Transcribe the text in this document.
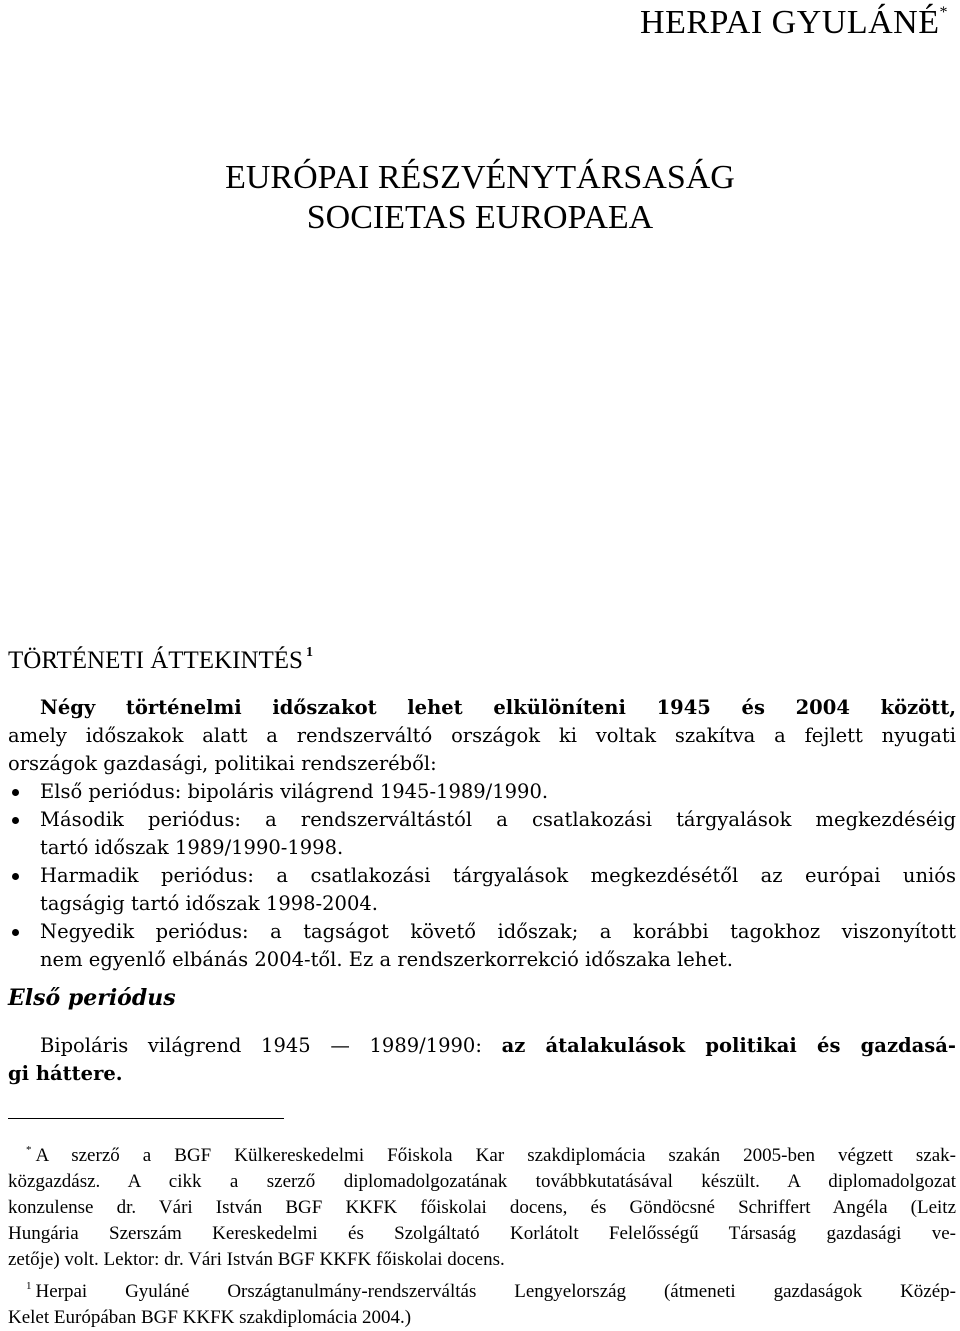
HERPAI GYULÁNÉ*
EURÓPAI RÉSZVÉNYTÁRSASÁG
SOCIETAS EUROPAEA
TÖRTÉNETI ÁTTEKINTÉS $^1$
Négy történelmi időszakot lehet elkülöníteni 1945 és 2004 között,
amely időszakok alatt a rendszerváltó országok ki voltak szakítva a fejlett nyugati
országok gazdasági, politikai rendszeréből:
Első periódus: bipoláris világrend 1945-1989/1990.
Második periódus: a rendszerváltástól a csatlakozási tárgyalások megkezdéséig
tartó időszak 1989/1990-1998.
Harmadik periódus: a csatlakozási tárgyalások megkezdésétől az európai uniós
tagságig tartó időszak 1998-2004.
Negyedik periódus: a tagságot követő időszak; a korábbi tagokhoz viszonyított
nem egyenlő elbánás 2004-től. Ez a rendszerkorrekció időszaka lehet.
Első periódus
Bipoláris világrend 1945 — 1989/1990: az átalakulások politikai és gazdasá-
gi háttere.
* A szerző a BGF Külkereskedelmi Főiskola Kar szakdiplomácia szakán 2005-ben végzett szak-
közgazdász. A cikk a szerző diplomadolgozatának továbbkutatásával készült. A diplomadolgozat
konzulense dr. Vári István BGF KKFK főiskolai docens, és Göndöcsné Schriffert Angéla (Leitz
Hungária Szerszám Kereskedelmi és Szolgáltató Korlátolt Felelősségű Társaság gazdasági ve-
zetője) volt. Lektor: dr. Vári István BGF KKFK főiskolai docens.
$^1$ Herpai Gyuláné Országtanulmány-rendszerváltás Lengyelország (átmeneti gazdaságok Közép-
Kelet Európában BGF KKFK szakdiplomácia 2004.)
